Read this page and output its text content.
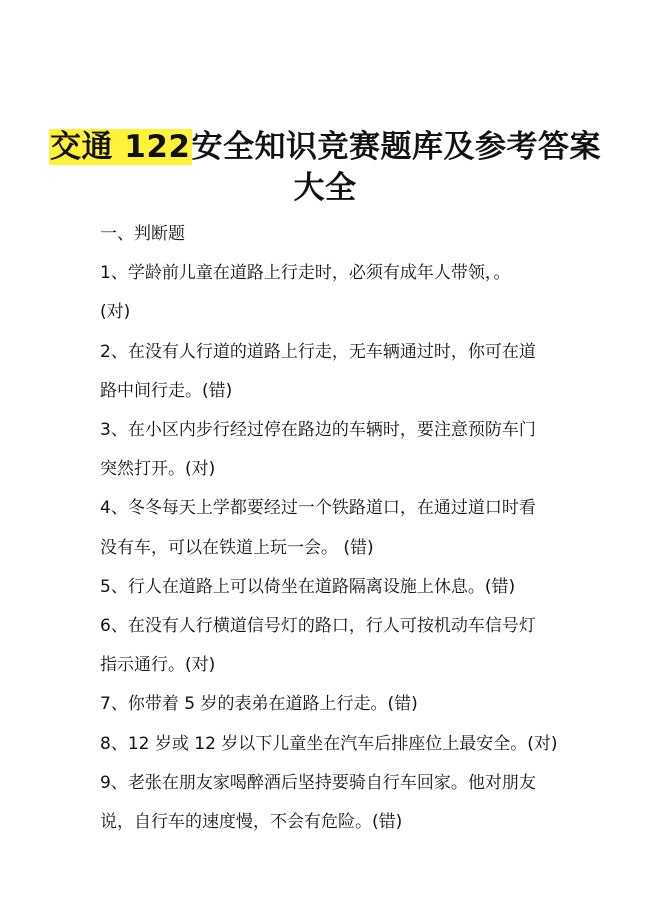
交通 122安全知识竞赛题库及参考答案
大全
一、判断题
1、学龄前儿童在道路上行走时，必须有成年人带领，。
(对)
2、在没有人行道的道路上行走，无车辆通过时，你可在道
路中间行走。(错)
3、在小区内步行经过停在路边的车辆时，要注意预防车门
突然打开。(对)
4、冬冬每天上学都要经过一个铁路道口，在通过道口时看
没有车，可以在铁道上玩一会。 (错)
5、行人在道路上可以倚坐在道路隔离设施上休息。(错)
6、在没有人行横道信号灯的路口，行人可按机动车信号灯
指示通行。(对)
7、你带着 5 岁的表弟在道路上行走。(错)
8、12 岁或 12 岁以下儿童坐在汽车后排座位上最安全。(对)
9、老张在朋友家喝醉酒后坚持要骑自行车回家。他对朋友
说，自行车的速度慢，不会有危险。(错)
